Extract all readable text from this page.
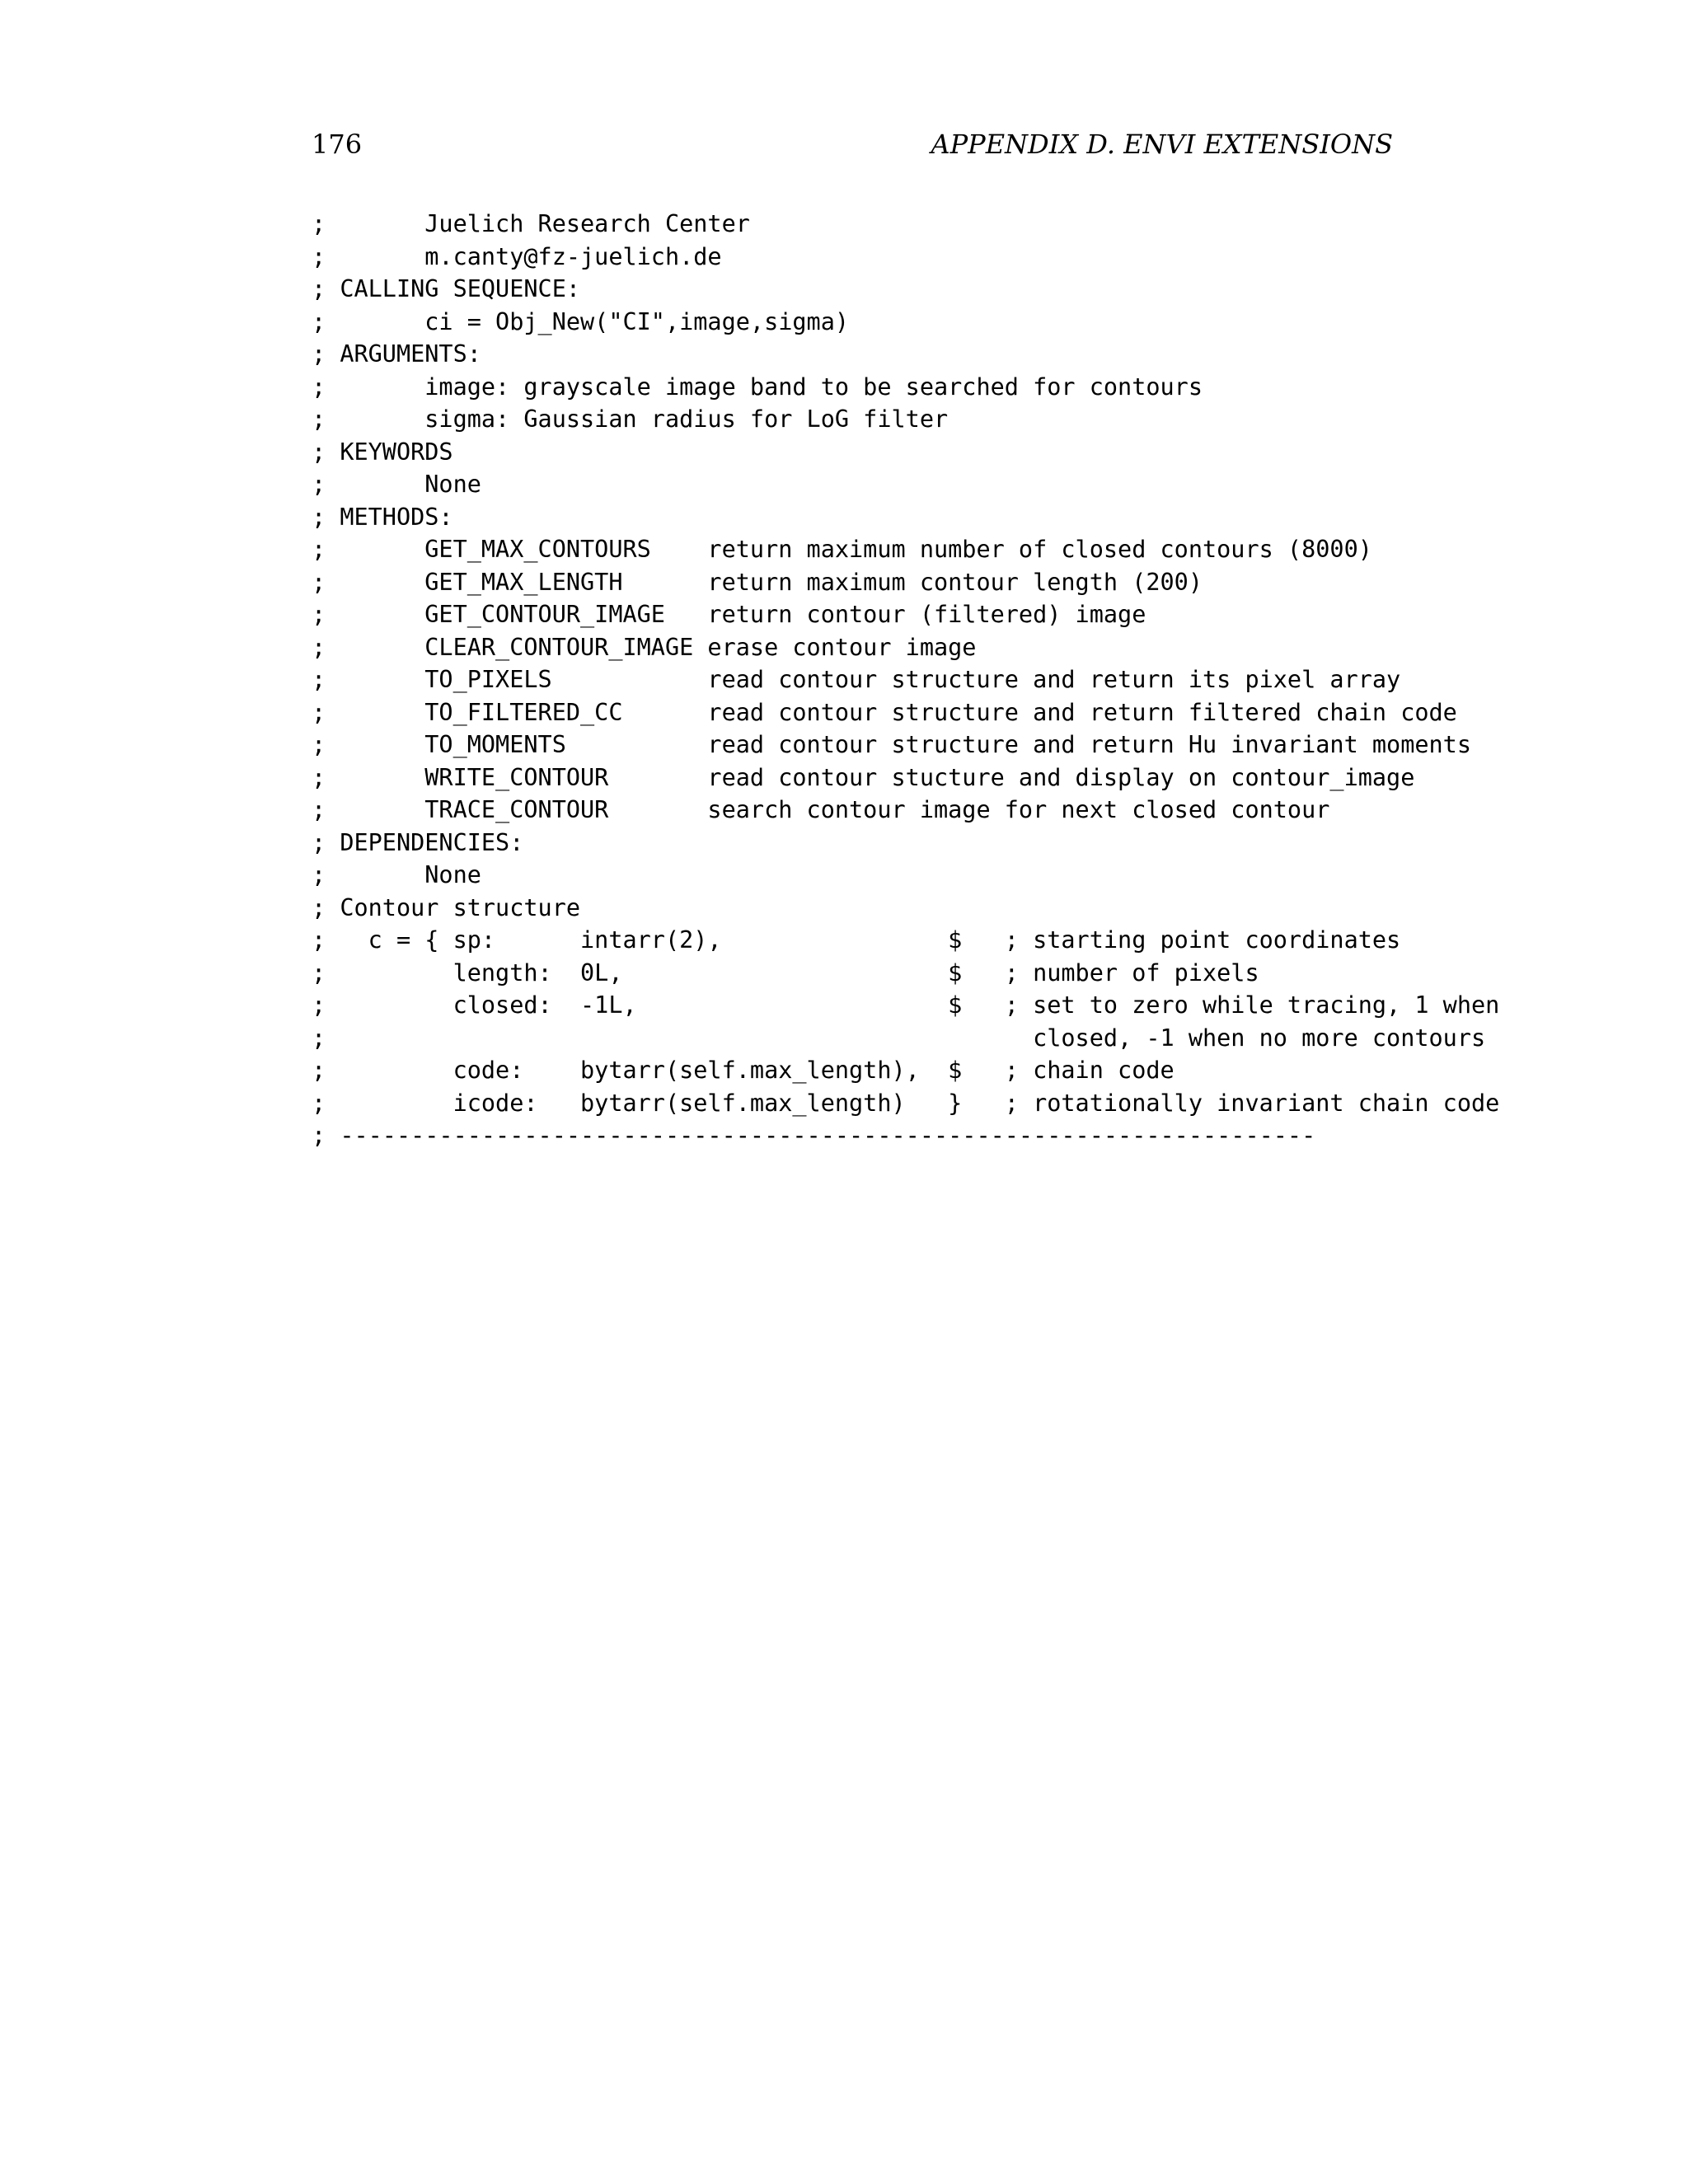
176	APPENDIX D. ENVI EXTENSIONS
;       Juelich Research Center
;       m.canty@fz-juelich.de
; CALLING SEQUENCE:
;       ci = Obj_New("CI",image,sigma)
; ARGUMENTS:
;       image: grayscale image band to be searched for contours
;       sigma: Gaussian radius for LoG filter
; KEYWORDS
;       None
; METHODS:
;       GET_MAX_CONTOURS    return maximum number of closed contours (8000)
;       GET_MAX_LENGTH      return maximum contour length (200)
;       GET_CONTOUR_IMAGE   return contour (filtered) image
;       CLEAR_CONTOUR_IMAGE erase contour image
;       TO_PIXELS           read contour structure and return its pixel array
;       TO_FILTERED_CC      read contour structure and return filtered chain code
;       TO_MOMENTS          read contour structure and return Hu invariant moments
;       WRITE_CONTOUR       read contour stucture and display on contour_image
;       TRACE_CONTOUR       search contour image for next closed contour
; DEPENDENCIES:
;       None
; Contour structure
;   c = { sp:      intarr(2),                $   ; starting point coordinates
;         length:  0L,                       $   ; number of pixels
;         closed:  -1L,                      $   ; set to zero while tracing, 1 when
;                                                  closed, -1 when no more contours
;         code:    bytarr(self.max_length),  $   ; chain code
;         icode:   bytarr(self.max_length)   }   ; rotationally invariant chain code
; ---------------------------------------------------------------------
